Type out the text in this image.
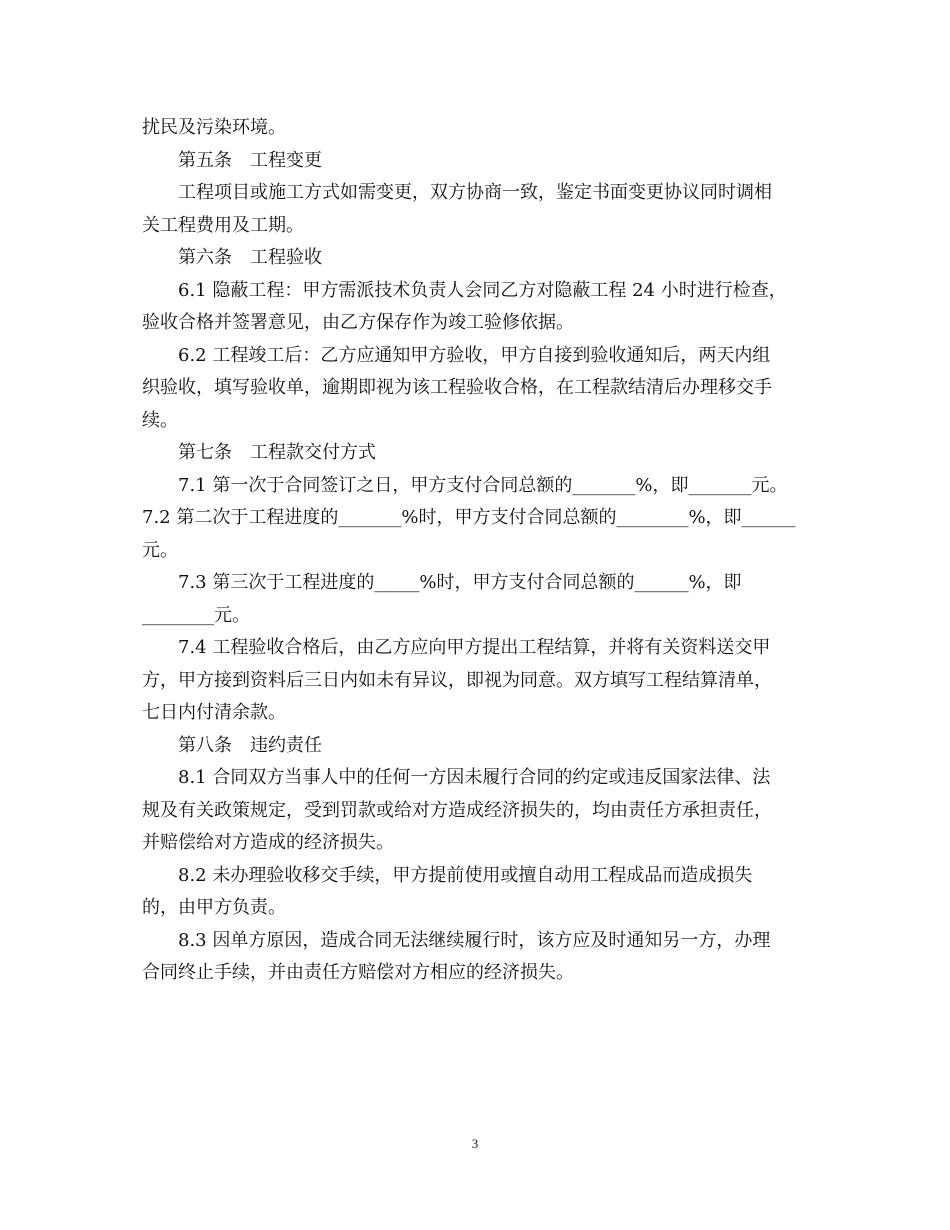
扰民及污染环境。

第五条　工程变更

工程项目或施工方式如需变更，双方协商一致，鉴定书面变更协议同时调相

关工程费用及工期。

第六条　工程验收

6.1 隐蔽工程：甲方需派技术负责人会同乙方对隐蔽工程 24 小时进行检查，

验收合格并签署意见，由乙方保存作为竣工验修依据。

6.2 工程竣工后：乙方应通知甲方验收，甲方自接到验收通知后，两天内组

织验收，填写验收单，逾期即视为该工程验收合格，在工程款结清后办理移交手

续。

第七条　工程款交付方式

7.1 第一次于合同签订之日，甲方支付合同总额的_______%，即_______元。

7.2 第二次于工程进度的_______%时，甲方支付合同总额的________%，即______

元。

7.3 第三次于工程进度的_____%时，甲方支付合同总额的______%，即

________元。

7.4 工程验收合格后，由乙方应向甲方提出工程结算，并将有关资料送交甲

方，甲方接到资料后三日内如未有异议，即视为同意。双方填写工程结算清单，

七日内付清余款。

第八条　违约责任

8.1 合同双方当事人中的任何一方因未履行合同的约定或违反国家法律、法

规及有关政策规定，受到罚款或给对方造成经济损失的，均由责任方承担责任，

并赔偿给对方造成的经济损失。

8.2 未办理验收移交手续，甲方提前使用或擅自动用工程成品而造成损失

的，由甲方负责。

8.3 因单方原因，造成合同无法继续履行时，该方应及时通知另一方，办理

合同终止手续，并由责任方赔偿对方相应的经济损失。

3
